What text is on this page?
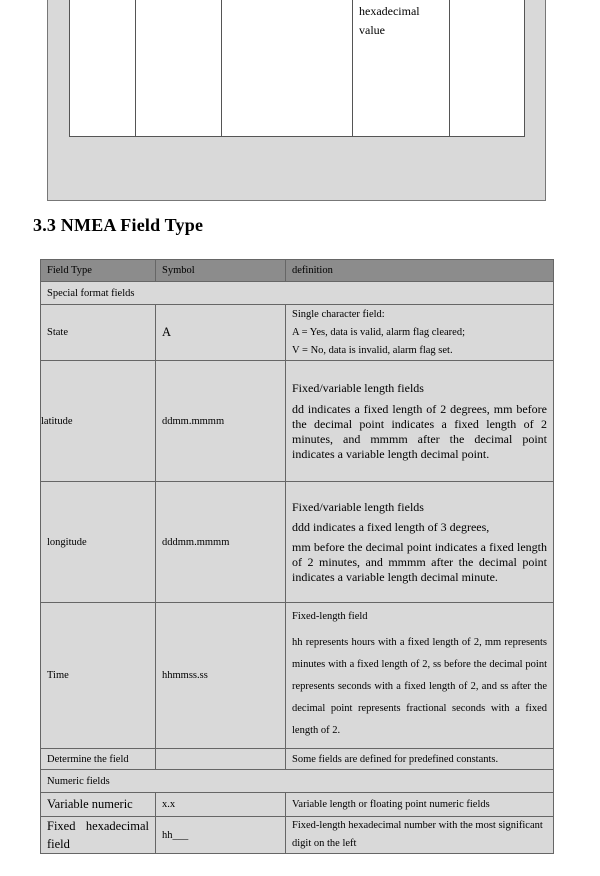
hexadecimal
value
3.3 NMEA Field Type
Field Type	Symbol	definition
Special format fields		
State	A	Single character field:
A = Yes, data is valid, alarm flag cleared;
V = No, data is invalid, alarm flag set.

latitude	ddmm.mmmm	Fixed/variable length fields

dd indicates a fixed length of 2 degrees, mm before the decimal point indicates a fixed length of 2 minutes, and mmmm after the decimal point indicates a variable length decimal point.

longitude	dddmm.mmmm	Fixed/variable length fields

ddd indicates a fixed length of 3 degrees,

mm before the decimal point indicates a fixed length of 2 minutes, and mmmm after the decimal point indicates a variable length decimal minute.

Time	hhmmss.ss	Fixed-length field

hh represents hours with a fixed length of 2, mm represents minutes with a fixed length of 2, ss before the decimal point represents seconds with a fixed length of 2, and ss after the decimal point represents fractional seconds with a fixed length of 2.

Determine the field		Some fields are defined for predefined constants.
Numeric fields		
Variable numeric	x.x	Variable length or floating point numeric fields
Fixed hexadecimal field	hh___	Fixed-length hexadecimal number with the most significant digit on the left
